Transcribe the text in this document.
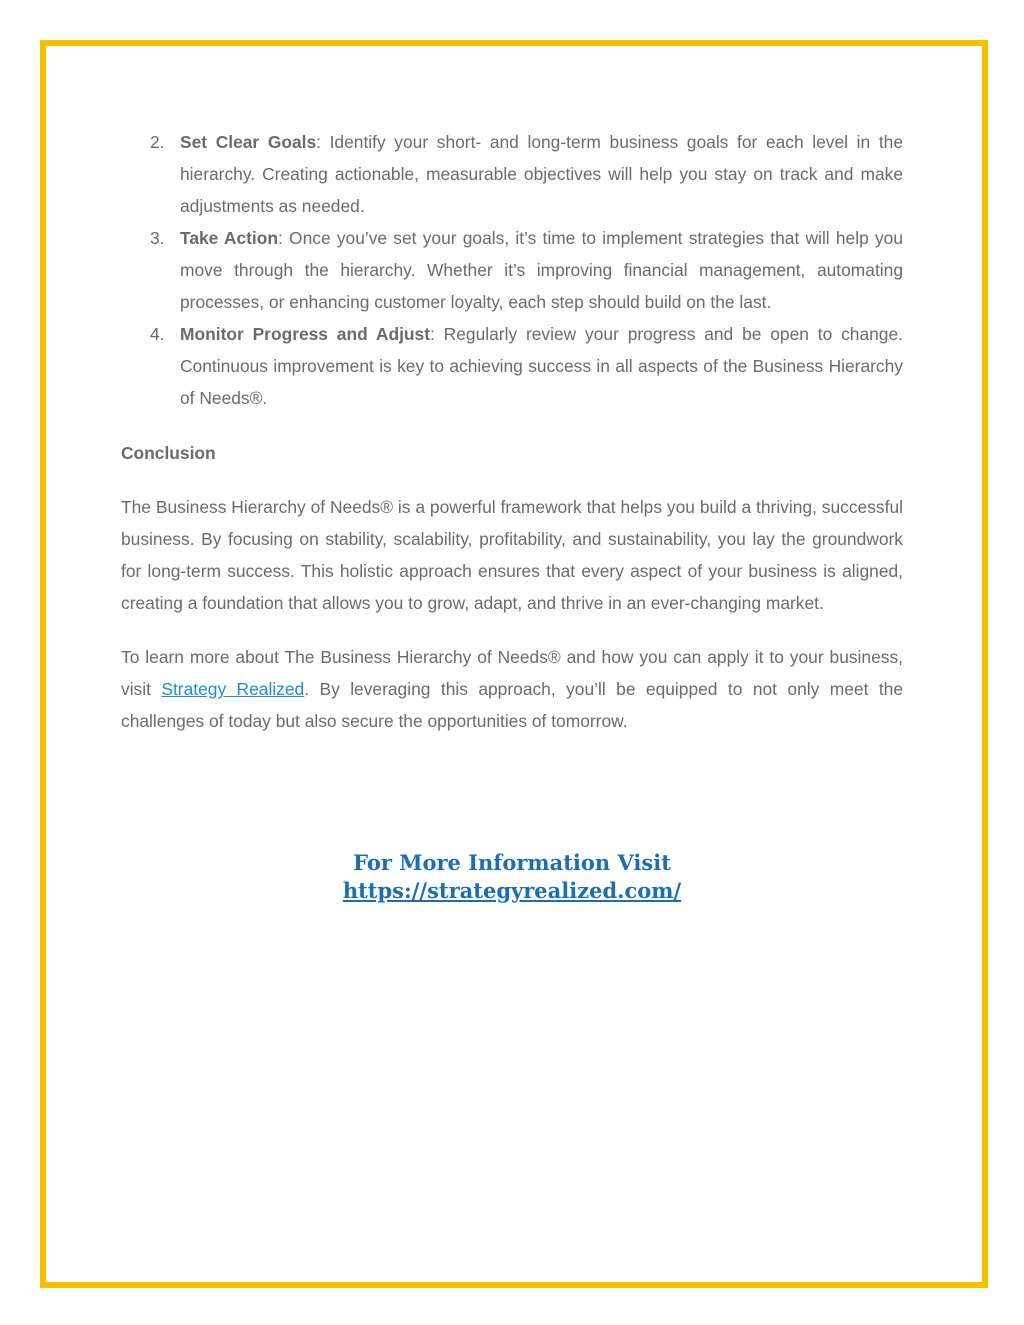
2. Set Clear Goals: Identify your short- and long-term business goals for each level in the hierarchy. Creating actionable, measurable objectives will help you stay on track and make adjustments as needed.
3. Take Action: Once you’ve set your goals, it’s time to implement strategies that will help you move through the hierarchy. Whether it’s improving financial management, automating processes, or enhancing customer loyalty, each step should build on the last.
4. Monitor Progress and Adjust: Regularly review your progress and be open to change. Continuous improvement is key to achieving success in all aspects of the Business Hierarchy of Needs®.
Conclusion

The Business Hierarchy of Needs® is a powerful framework that helps you build a thriving, successful business. By focusing on stability, scalability, profitability, and sustainability, you lay the groundwork for long-term success. This holistic approach ensures that every aspect of your business is aligned, creating a foundation that allows you to grow, adapt, and thrive in an ever-changing market.

To learn more about The Business Hierarchy of Needs® and how you can apply it to your business, visit Strategy Realized. By leveraging this approach, you’ll be equipped to not only meet the challenges of today but also secure the opportunities of tomorrow.

For More Information Visit
https://strategyrealized.com/
